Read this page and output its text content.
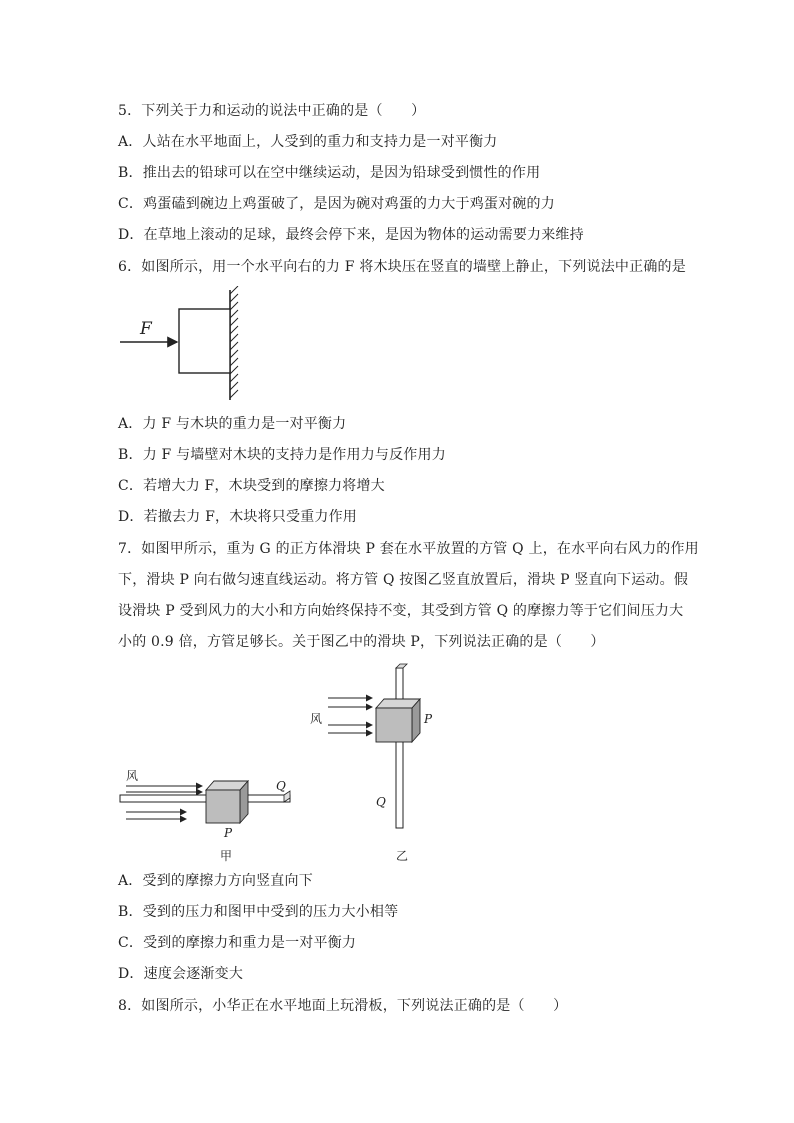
5．下列关于力和运动的说法中正确的是（　　）
A．人站在水平地面上，人受到的重力和支持力是一对平衡力
B．推出去的铅球可以在空中继续运动，是因为铅球受到惯性的作用
C．鸡蛋磕到碗边上鸡蛋破了，是因为碗对鸡蛋的力大于鸡蛋对碗的力
D．在草地上滚动的足球，最终会停下来，是因为物体的运动需要力来维持
6．如图所示，用一个水平向右的力 F 将木块压在竖直的墙壁上静止，下列说法中正确的是
F
A．力 F 与木块的重力是一对平衡力
B．力 F 与墙壁对木块的支持力是作用力与反作用力
C．若增大力 F，木块受到的摩擦力将增大
D．若撤去力 F，木块将只受重力作用
7．如图甲所示，重为 G 的正方体滑块 P 套在水平放置的方管 Q 上，在水平向右风力的作用
下，滑块 P 向右做匀速直线运动。将方管 Q 按图乙竖直放置后，滑块 P 竖直向下运动。假
设滑块 P 受到风力的大小和方向始终保持不变，其受到方管 Q 的摩擦力等于它们间压力大
小的 0.9 倍，方管足够长。关于图乙中的滑块 P，下列说法正确的是（　　）
风
Q
P
甲
风	P
Q
乙
A．受到的摩擦力方向竖直向下
B．受到的压力和图甲中受到的压力大小相等
C．受到的摩擦力和重力是一对平衡力
D．速度会逐渐变大
8．如图所示，小华正在水平地面上玩滑板，下列说法正确的是（　　）
